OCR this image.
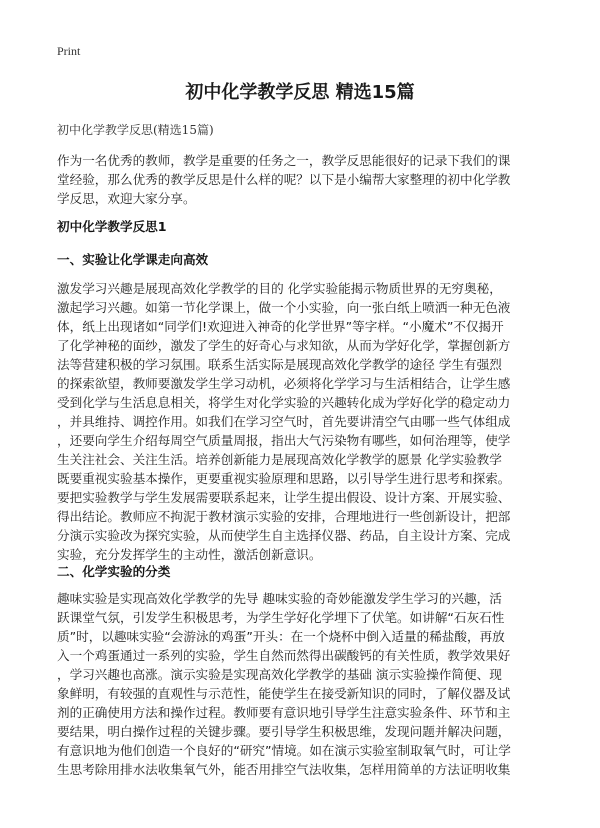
Print
初中化学教学反思 精选15篇
初中化学教学反思(精选15篇)
作为一名优秀的教师，教学是重要的任务之一，教学反思能很好的记录下我们的课
堂经验，那么优秀的教学反思是什么样的呢？以下是小编帮大家整理的初中化学教
学反思，欢迎大家分享。
初中化学教学反思1
一、实验让化学课走向高效
激发学习兴趣是展现高效化学教学的目的 化学实验能揭示物质世界的无穷奥秘，
激起学习兴趣。如第一节化学课上，做一个小实验，向一张白纸上喷洒一种无色液
体，纸上出现诸如“同学们!欢迎进入神奇的化学世界”等字样。“小魔术”不仅揭开
了化学神秘的面纱，激发了学生的好奇心与求知欲，从而为学好化学，掌握创新方
法等营建积极的学习氛围。联系生活实际是展现高效化学教学的途径 学生有强烈
的探索欲望，教师要激发学生学习动机，必须将化学学习与生活相结合，让学生感
受到化学与生活息息相关，将学生对化学实验的兴趣转化成为学好化学的稳定动力
，并具维持、调控作用。如我们在学习空气时，首先要讲清空气由哪一些气体组成
，还要向学生介绍每周空气质量周报，指出大气污染物有哪些，如何治理等，使学
生关注社会、关注生活。培养创新能力是展现高效化学教学的愿景 化学实验教学
既要重视实验基本操作，更要重视实验原理和思路，以引导学生进行思考和探索。
要把实验教学与学生发展需要联系起来，让学生提出假设、设计方案、开展实验、
得出结论。教师应不拘泥于教材演示实验的安排，合理地进行一些创新设计，把部
分演示实验改为探究实验，从而使学生自主选择仪器、药品，自主设计方案、完成
实验，充分发挥学生的主动性，激活创新意识。
二、化学实验的分类
趣味实验是实现高效化学教学的先导 趣味实验的奇妙能激发学生学习的兴趣，活
跃课堂气氛，引发学生积极思考，为学生学好化学埋下了伏笔。如讲解“石灰石性
质”时，以趣味实验“会游泳的鸡蛋”开头：在一个烧杯中倒入适量的稀盐酸，再放
入一个鸡蛋通过一系列的实验，学生自然而然得出碳酸钙的有关性质，教学效果好
，学习兴趣也高涨。演示实验是实现高效化学教学的基础 演示实验操作简便、现
象鲜明，有较强的直观性与示范性，能使学生在接受新知识的同时，了解仪器及试
剂的正确使用方法和操作过程。教师要有意识地引导学生注意实验条件、环节和主
要结果，明白操作过程的关键步骤。要引导学生积极思维，发现问题并解决问题，
有意识地为他们创造一个良好的“研究”情境。如在演示实验室制取氧气时，可让学
生思考除用排水法收集氧气外，能否用排空气法收集，怎样用简单的方法证明收集
